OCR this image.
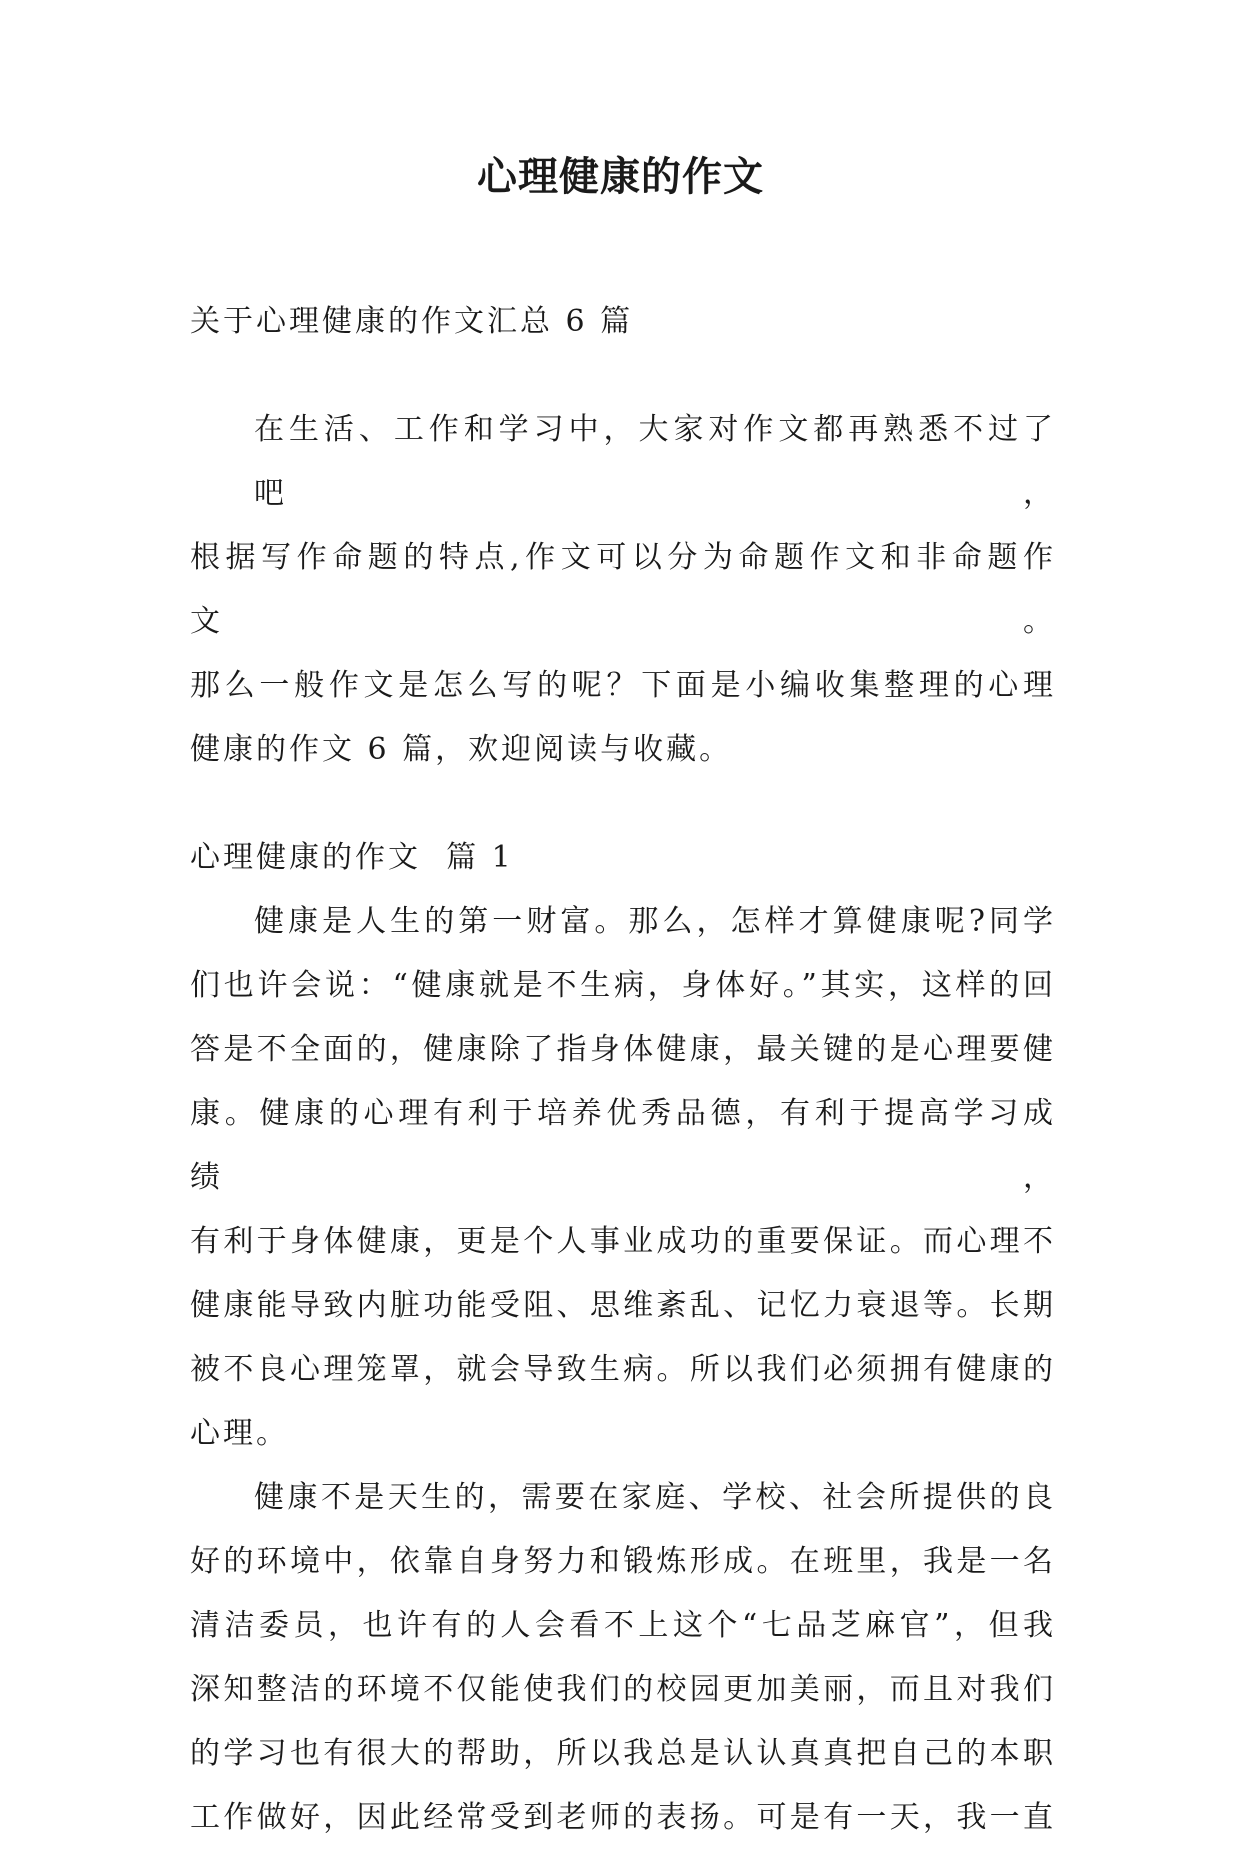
心理健康的作文
关于心理健康的作文汇总 6 篇
在生活、工作和学习中，大家对作文都再熟悉不过了吧，
根据写作命题的特点,作文可以分为命题作文和非命题作文。
那么一般作文是怎么写的呢？下面是小编收集整理的心理
健康的作文 6 篇，欢迎阅读与收藏。
心理健康的作文  篇 1
健康是人生的第一财富。那么，怎样才算健康呢?同学
们也许会说：“健康就是不生病，身体好。”其实，这样的回
答是不全面的，健康除了指身体健康，最关键的是心理要健
康。健康的心理有利于培养优秀品德，有利于提高学习成绩，
有利于身体健康，更是个人事业成功的重要保证。而心理不
健康能导致内脏功能受阻、思维紊乱、记忆力衰退等。长期
被不良心理笼罩，就会导致生病。所以我们必须拥有健康的
心理。
健康不是天生的，需要在家庭、学校、社会所提供的良
好的环境中，依靠自身努力和锻炼形成。在班里，我是一名
清洁委员，也许有的人会看不上这个“七品芝麻官”，但我
深知整洁的环境不仅能使我们的校园更加美丽，而且对我们
的学习也有很大的帮助，所以我总是认认真真把自己的本职
工作做好，因此经常受到老师的表扬。可是有一天，我一直
